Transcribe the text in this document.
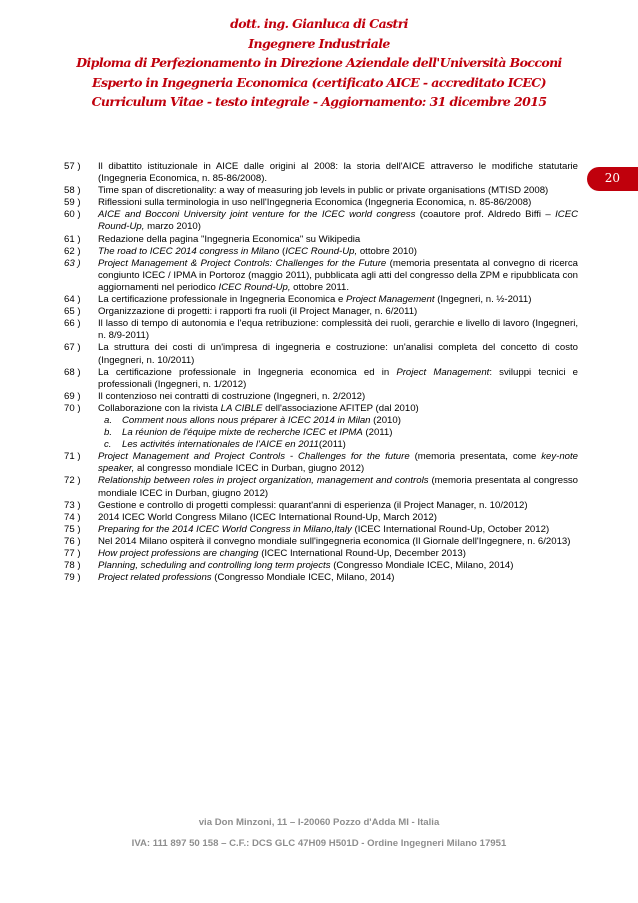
dott. ing. Gianluca di Castri
Ingegnere Industriale
Diploma di Perfezionamento in Direzione Aziendale dell'Università Bocconi
Esperto in Ingegneria Economica (certificato AICE - accreditato ICEC)
Curriculum Vitae - testo integrale - Aggiornamento: 31 dicembre 2015
20
57 )	Il dibattito istituzionale in AICE dalle origini al 2008: la storia dell'AICE attraverso le modifiche statutarie (Ingegneria Economica, n. 85-86/2008).
58 )	Time span of discretionality: a way of measuring job levels in public or private organisations (MTISD 2008)
59 )	Riflessioni sulla terminologia in uso nell'Ingegneria Economica (Ingegneria Economica, n. 85-86/2008)
60 )	AICE and Bocconi University joint venture for the ICEC world congress (coautore prof. Aldredo Biffi – ICEC Round-Up, marzo 2010)
61 )	Redazione della pagina "Ingegneria Economica" su Wikipedia
62 )	The road to ICEC 2014 congress in Milano (ICEC Round-Up, ottobre 2010)
63 )	Project Management & Project Controls: Challenges for the Future (memoria presentata al convegno di ricerca congiunto ICEC / IPMA in Portoroz (maggio 2011), pubblicata agli atti del congresso della ZPM e ripubblicata con aggiornamenti nel periodico ICEC Round-Up, ottobre 2011.
64 )	La certificazione professionale in Ingegneria Economica e Project Management (Ingegneri, n. ½-2011)
65 )	Organizzazione di progetti: i rapporti fra ruoli (il Project Manager, n. 6/2011)
66 )	Il lasso di tempo di autonomia e l'equa retribuzione: complessità dei ruoli, gerarchie e livello di lavoro (Ingegneri, n. 8/9-2011)
67 )	La struttura dei costi di un'impresa di ingegneria e costruzione: un'analisi completa del concetto di costo (Ingegneri, n. 10/2011)
68 )	La certificazione professionale in Ingegneria economica ed in Project Management: sviluppi tecnici e professionali (Ingegneri, n. 1/2012)
69 )	Il contenzioso nei contratti di costruzione (Ingegneri, n. 2/2012)
70 )	Collaborazione con la rivista LA CIBLE dell'associazione AFITEP (dal 2010)
a.	Comment nous allons nous préparer à ICEC 2014 in Milan (2010)
b.	La réunion de l'équipe mixte de recherche ICEC et IPMA (2011)
c.	Les activités internationales de l'AICE en 2011(2011)
71 )	Project Management and Project Controls - Challenges for the future (memoria presentata, come key-note speaker, al congresso mondiale ICEC in Durban, giugno 2012)
72 )	Relationship between roles in project organization, management and controls (memoria presentata al congresso mondiale ICEC in Durban, giugno 2012)
73 )	Gestione e controllo di progetti complessi: quarant'anni di esperienza (il Project Manager, n. 10/2012)
74 )	2014 ICEC World Congress Milano (ICEC International Round-Up, March 2012)
75 )	Preparing for the 2014 ICEC World Congress in Milano,Italy (ICEC International Round-Up, October 2012)
76 )	Nel 2014 Milano ospiterà il convegno mondiale sull'ingegneria economica (Il Giornale dell'Ingegnere, n. 6/2013)
77 )	How project professions are changing (ICEC International Round-Up, December 2013)
78 )	Planning, scheduling and controlling long term projects (Congresso Mondiale ICEC, Milano, 2014)
79 )	Project related professions (Congresso Mondiale ICEC, Milano, 2014)
via Don Minzoni, 11 – I-20060 Pozzo d'Adda MI - Italia
IVA: 111 897 50 158 – C.F.: DCS GLC 47H09 H501D - Ordine Ingegneri Milano 17951
